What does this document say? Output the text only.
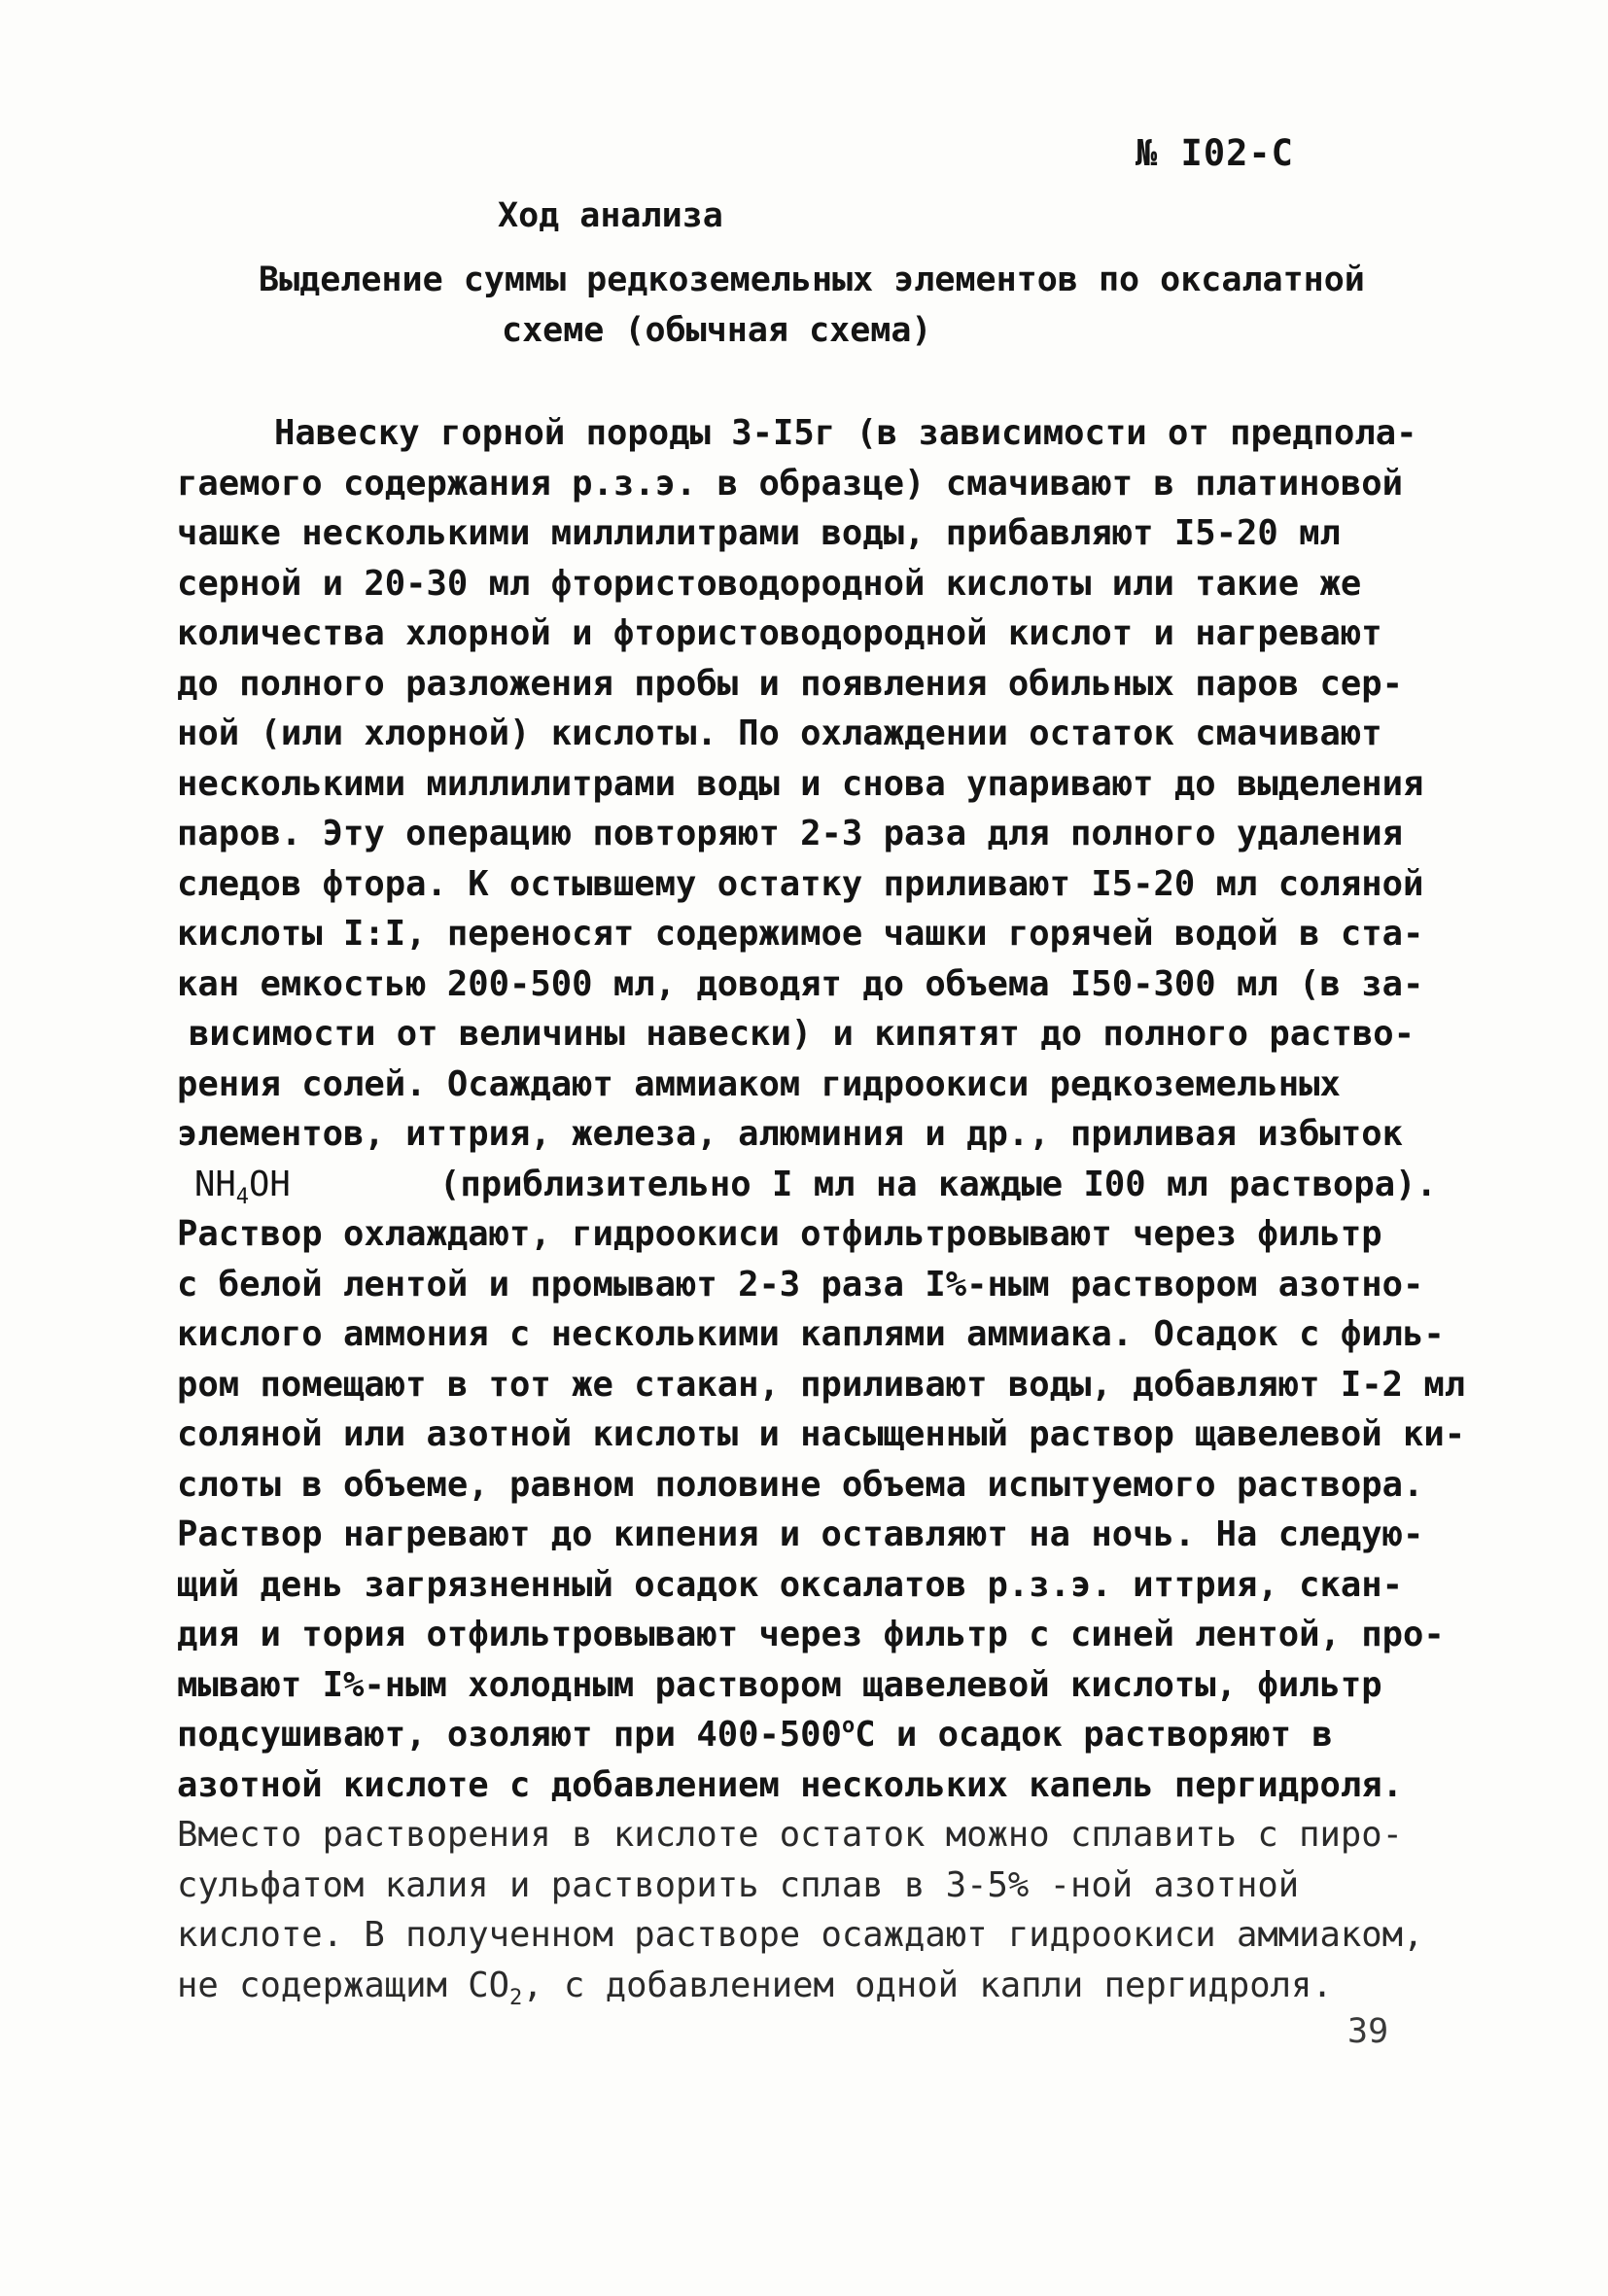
№ I02-С
Ход анализа
Выделение суммы редкоземельных элементов по оксалатной
схеме (обычная схема)
Навеску горной породы 3-I5г (в зависимости от предпола-
гаемого содержания р.з.э. в образце) смачивают в платиновой
чашке несколькими миллилитрами воды, прибавляют I5-20 мл
серной и 20-30 мл фтористоводородной кислоты или такие же
количества хлорной и фтористоводородной кислот и нагревают
до полного разложения пробы и появления обильных паров сер-
ной (или хлорной) кислоты. По охлаждении остаток смачивают
несколькими миллилитрами воды и снова упаривают до выделения
паров. Эту операцию повторяют 2-3 раза для полного удаления
следов фтора. К остывшему остатку приливают I5-20 мл соляной
кислоты I:I, переносят содержимое чашки горячей водой в ста-
кан емкостью 200-500 мл, доводят до объема I50-300 мл (в за-
висимости от величины навески) и кипятят до полного раство-
рения солей. Осаждают аммиаком гидроокиси редкоземельных
элементов, иттрия, железа, алюминия и др., приливая избыток
$NH_4OH$	(приблизительно I мл на каждые I00 мл раствора).
Раствор охлаждают, гидроокиси отфильтровывают через фильтр
с белой лентой и промывают 2-3 раза I%-ным раствором азотно-
кислого аммония с несколькими каплями аммиака. Осадок с филь-
ром помещают в тот же стакан, приливают воды, добавляют I-2 мл
соляной или азотной кислоты и насыщенный раствор щавелевой ки-
слоты в объеме, равном половине объема испытуемого раствора.
Раствор нагревают до кипения и оставляют на ночь. На следую-
щий день загрязненный осадок оксалатов р.з.э. иттрия, скан-
дия и тория отфильтровывают через фильтр с синей лентой, про-
мывают I%-ным холодным раствором щавелевой кислоты, фильтр
подсушивают, озоляют при $400-500^оС$ и осадок растворяют в
азотной кислоте с добавлением нескольких капель пергидроля.
Вместо растворения в кислоте остаток можно сплавить с пиро-
сульфатом калия и растворить сплав в 3-5% -ной азотной
кислоте. В полученном растворе осаждают гидроокиси аммиаком,
не содержащим $CO_2$, с добавлением одной капли пергидроля.
39
